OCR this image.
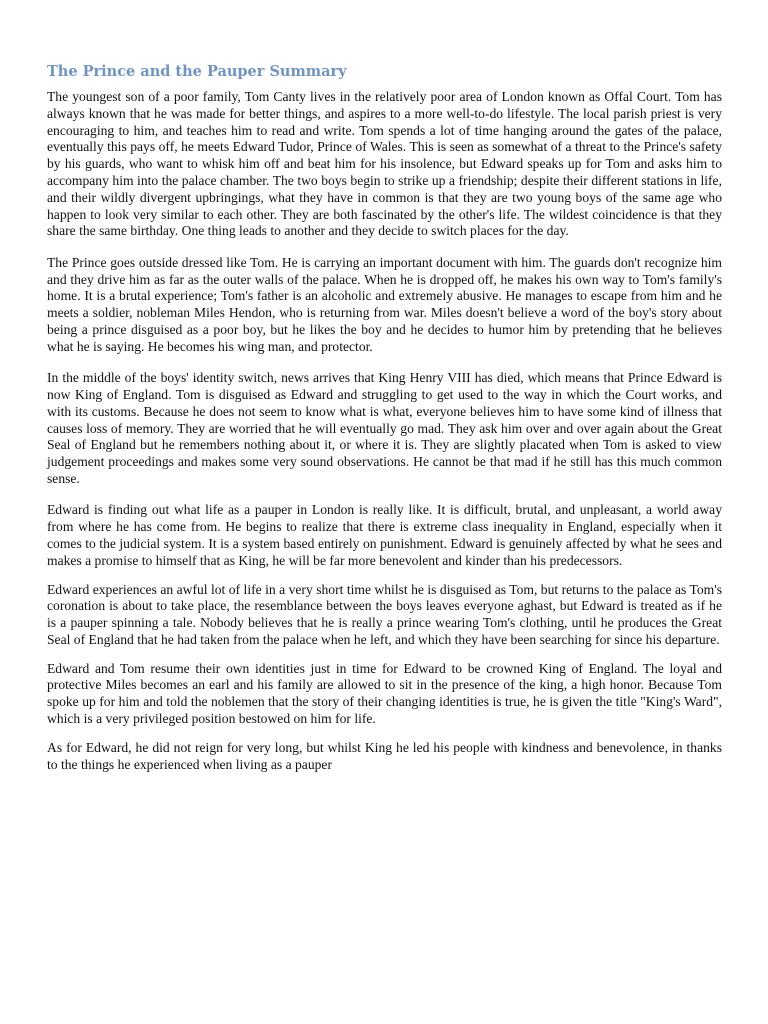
The Prince and the Pauper Summary

The youngest son of a poor family, Tom Canty lives in the relatively poor area of London known as Offal Court. Tom has always known that he was made for better things, and aspires to a more well-to-do lifestyle. The local parish priest is very encouraging to him, and teaches him to read and write. Tom spends a lot of time hanging around the gates of the palace, eventually this pays off, he meets Edward Tudor, Prince of Wales. This is seen as somewhat of a threat to the Prince's safety by his guards, who want to whisk him off and beat him for his insolence, but Edward speaks up for Tom and asks him to accompany him into the palace chamber. The two boys begin to strike up a friendship; despite their different stations in life, and their wildly divergent upbringings, what they have in common is that they are two young boys of the same age who happen to look very similar to each other. They are both fascinated by the other's life. The wildest coincidence is that they share the same birthday. One thing leads to another and they decide to switch places for the day.

The Prince goes outside dressed like Tom. He is carrying an important document with him. The guards don't recognize him and they drive him as far as the outer walls of the palace. When he is dropped off, he makes his own way to Tom's family's home. It is a brutal experience; Tom's father is an alcoholic and extremely abusive. He manages to escape from him and he meets a soldier, nobleman Miles Hendon, who is returning from war. Miles doesn't believe a word of the boy's story about being a prince disguised as a poor boy, but he likes the boy and he decides to humor him by pretending that he believes what he is saying. He becomes his wing man, and protector.

In the middle of the boys' identity switch, news arrives that King Henry VIII has died, which means that Prince Edward is now King of England. Tom is disguised as Edward and struggling to get used to the way in which the Court works, and with its customs. Because he does not seem to know what is what, everyone believes him to have some kind of illness that causes loss of memory. They are worried that he will eventually go mad. They ask him over and over again about the Great Seal of England but he remembers nothing about it, or where it is. They are slightly placated when Tom is asked to view judgement proceedings and makes some very sound observations. He cannot be that mad if he still has this much common sense.

Edward is finding out what life as a pauper in London is really like. It is difficult, brutal, and unpleasant, a world away from where he has come from. He begins to realize that there is extreme class inequality in England, especially when it comes to the judicial system. It is a system based entirely on punishment. Edward is genuinely affected by what he sees and makes a promise to himself that as King, he will be far more benevolent and kinder than his predecessors.

Edward experiences an awful lot of life in a very short time whilst he is disguised as Tom, but returns to the palace as Tom's coronation is about to take place, the resemblance between the boys leaves everyone aghast, but Edward is treated as if he is a pauper spinning a tale. Nobody believes that he is really a prince wearing Tom's clothing, until he produces the Great Seal of England that he had taken from the palace when he left, and which they have been searching for since his departure.

Edward and Tom resume their own identities just in time for Edward to be crowned King of England. The loyal and protective Miles becomes an earl and his family are allowed to sit in the presence of the king, a high honor. Because Tom spoke up for him and told the noblemen that the story of their changing identities is true, he is given the title "King's Ward", which is a very privileged position bestowed on him for life.

As for Edward, he did not reign for very long, but whilst King he led his people with kindness and benevolence, in thanks to the things he experienced when living as a pauper
